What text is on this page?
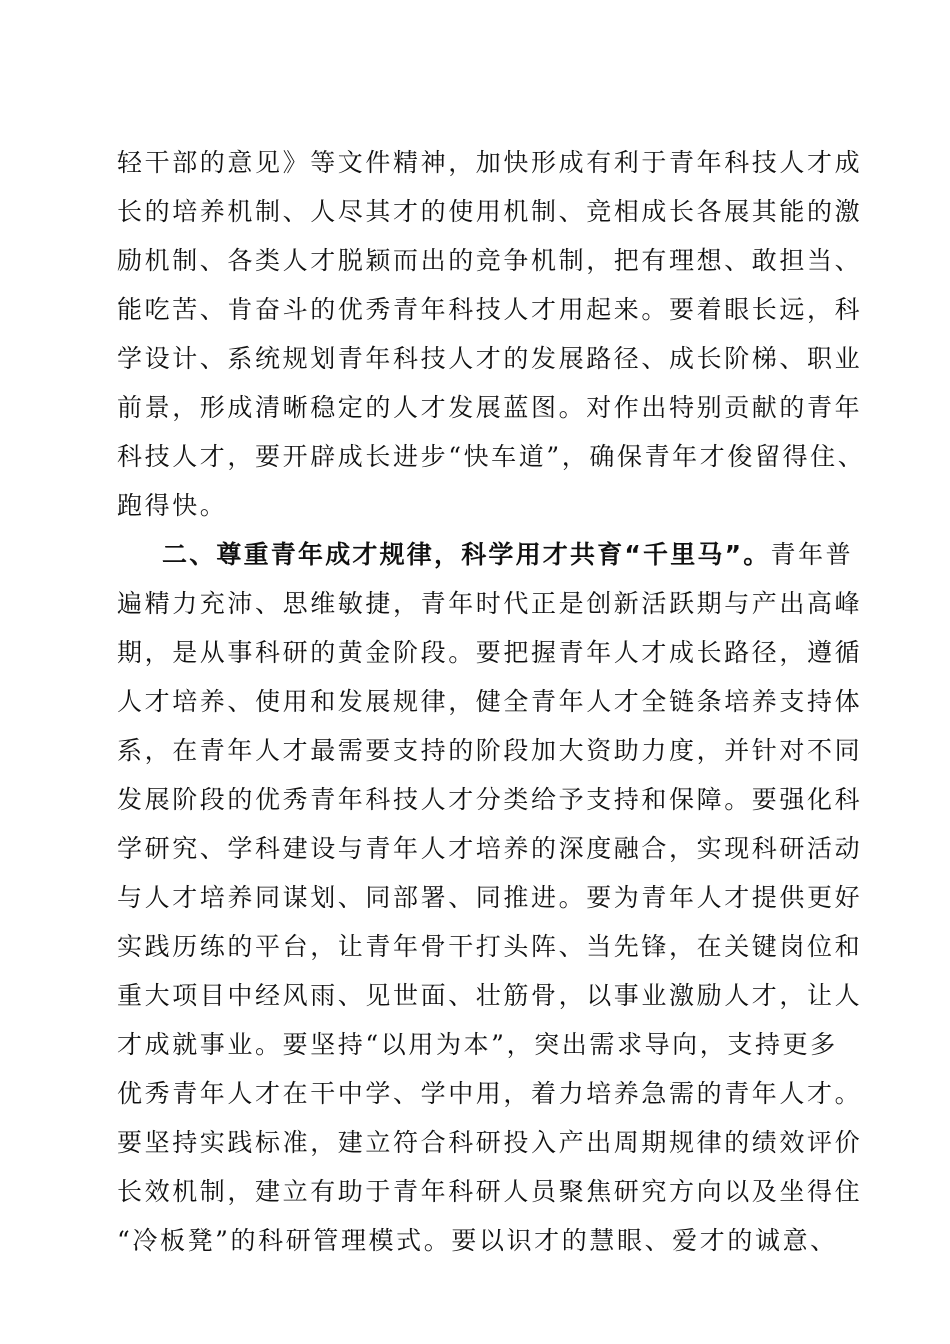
轻干部的意见》等文件精神，加快形成有利于青年科技人才成
长的培养机制、人尽其才的使用机制、竞相成长各展其能的激
励机制、各类人才脱颖而出的竞争机制，把有理想、敢担当、
能吃苦、肯奋斗的优秀青年科技人才用起来。要着眼长远，科
学设计、系统规划青年科技人才的发展路径、成长阶梯、职业
前景，形成清晰稳定的人才发展蓝图。对作出特别贡献的青年
科技人才，要开辟成长进步“快车道”，确保青年才俊留得住、
跑得快。
二、尊重青年成才规律，科学用才共育“千里马”。青年普
遍精力充沛、思维敏捷，青年时代正是创新活跃期与产出高峰
期，是从事科研的黄金阶段。要把握青年人才成长路径，遵循
人才培养、使用和发展规律，健全青年人才全链条培养支持体
系，在青年人才最需要支持的阶段加大资助力度，并针对不同
发展阶段的优秀青年科技人才分类给予支持和保障。要强化科
学研究、学科建设与青年人才培养的深度融合，实现科研活动
与人才培养同谋划、同部署、同推进。要为青年人才提供更好
实践历练的平台，让青年骨干打头阵、当先锋，在关键岗位和
重大项目中经风雨、见世面、壮筋骨，以事业激励人才，让人
才成就事业。要坚持“以用为本”，突出需求导向，支持更多
优秀青年人才在干中学、学中用，着力培养急需的青年人才。
要坚持实践标准，建立符合科研投入产出周期规律的绩效评价
长效机制，建立有助于青年科研人员聚焦研究方向以及坐得住
“冷板凳”的科研管理模式。要以识才的慧眼、爱才的诚意、
